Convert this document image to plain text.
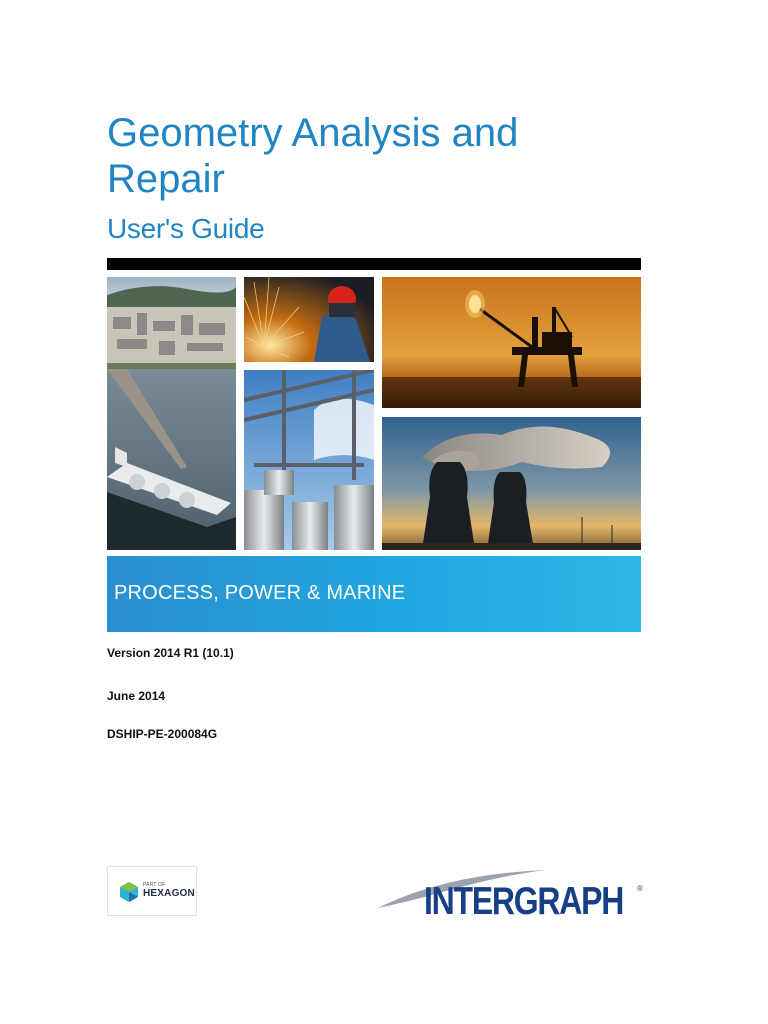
Geometry Analysis and Repair
User's Guide
PROCESS, POWER & MARINE

Version 2014 R1 (10.1)

June 2014

DSHIP-PE-200084G

PART OF
HEXAGON	INTERGRAPH ®
